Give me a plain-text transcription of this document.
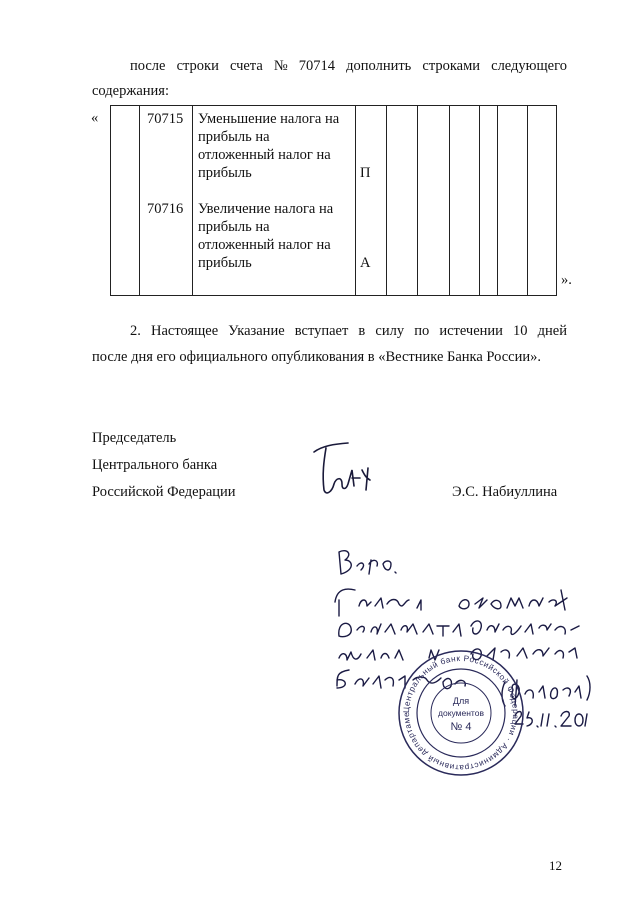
после строки счета № 70714 дополнить строками следующего
содержания:
«	70715 Уменьшение налога на
прибыль на
отложенный налог на
прибыль	П
70716 Увеличение налога на
прибыль на
отложенный налог на
прибыль	А
».
2. Настоящее Указание вступает в силу по истечении 10 дней
после дня его официального опубликования в «Вестнике Банка России».
Председатель
Центрального банка
Российской Федерации	Э.С. Набиуллина
Центральный банк Российской Федерации · Административный департамент
Для
документов
№ 4
12
